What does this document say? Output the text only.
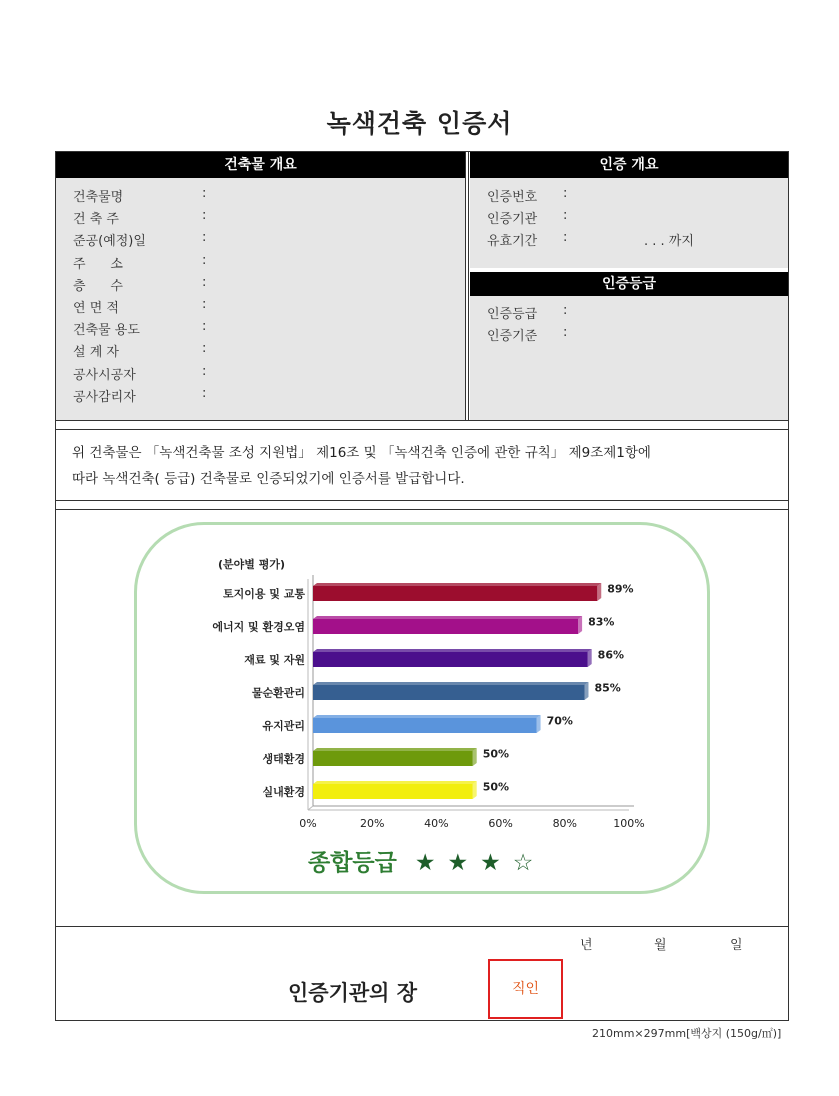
녹색건축 인증서
건축물 개요
건축물명	:
건 축 주	:
준공(예정)일	:
주      소	:
층      수	:
연 면 적	:
건축물 용도	:
설 계 자	:
공사시공자	:
공사감리자	:
인증 개요
인증번호 :
인증기관 :
유효기간 :	. . . 까지
인증등급
인증등급 :
인증기준 :
위 건축물은 「녹색건축물 조성 지원법」 제16조 및 「녹색건축 인증에 관한 규칙」 제9조제1항에
따라 녹색건축( 등급) 건축물로 인증되었기에 인증서를 발급합니다.
(분야별 평가)
토지이용 및 교통	89%
에너지 및 환경오염	83%
재료 및 자원	86%
물순환관리	85%
유지관리	70%
생태환경	50%
실내환경	50%
0%	20%	40%	60%	80%	100%
종합등급 ★ ★ ★ ☆
년	월	일
인증기관의 장	직인
210mm×297mm[백상지 (150g/㎡)]
